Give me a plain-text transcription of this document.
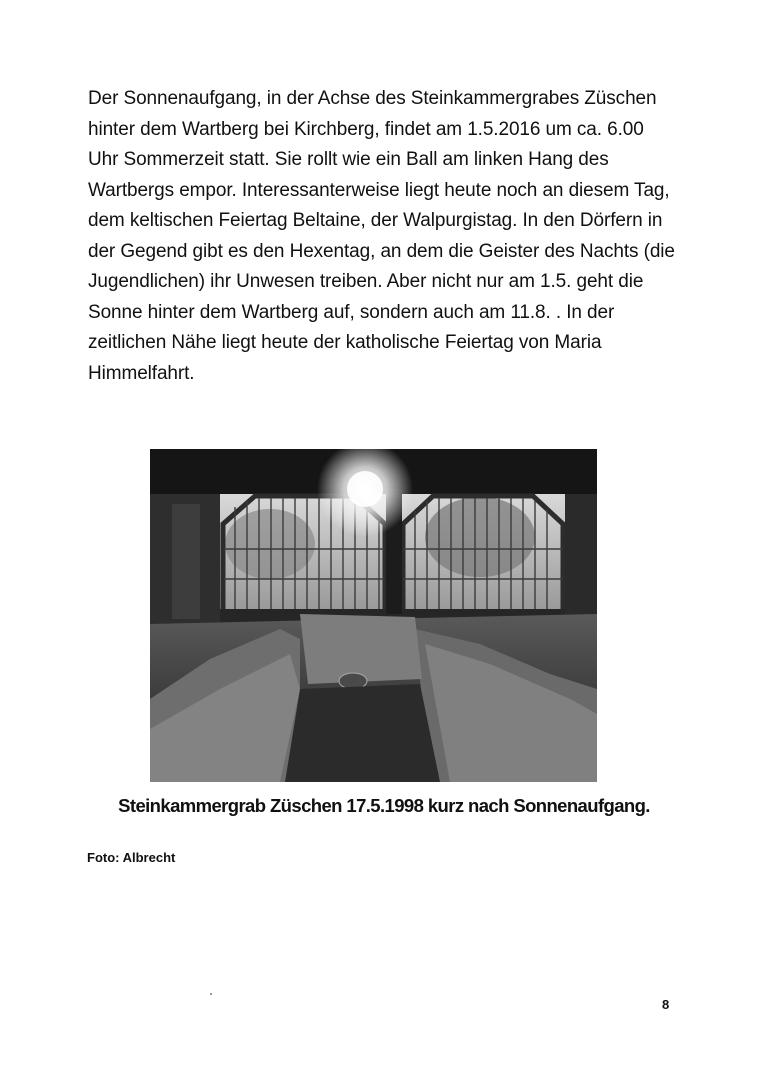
Der Sonnenaufgang, in der Achse des Steinkammergrabes Züschen
hinter dem Wartberg bei Kirchberg, findet am 1.5.2016 um ca. 6.00
Uhr Sommerzeit statt. Sie rollt wie ein Ball am linken Hang des
Wartbergs empor. Interessanterweise liegt heute noch an diesem Tag,
dem keltischen Feiertag Beltaine, der Walpurgistag. In den Dörfern in
der Gegend gibt es den Hexentag, an dem die Geister des Nachts (die
Jugendlichen) ihr Unwesen treiben. Aber nicht nur am 1.5. geht die
Sonne hinter dem Wartberg auf, sondern auch am 11.8. . In der
zeitlichen Nähe liegt heute der katholische Feiertag von Maria
Himmelfahrt.
Steinkammergrab Züschen 17.5.1998 kurz nach Sonnenaufgang.
Foto: Albrecht
8
